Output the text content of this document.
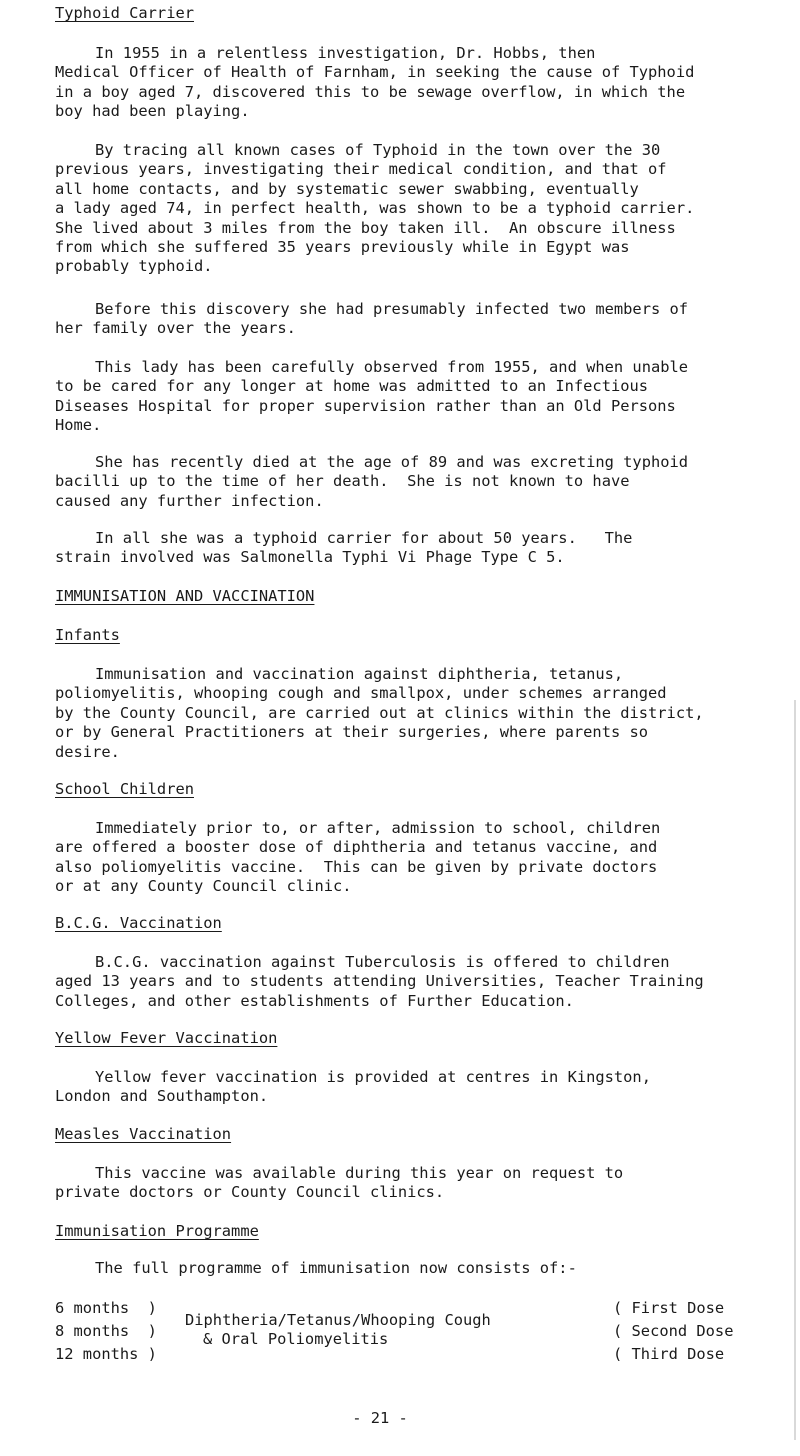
Typhoid Carrier
In 1955 in a relentless investigation, Dr. Hobbs, then
Medical Officer of Health of Farnham, in seeking the cause of Typhoid
in a boy aged 7, discovered this to be sewage overflow, in which the
boy had been playing.
By tracing all known cases of Typhoid in the town over the 30
previous years, investigating their medical condition, and that of
all home contacts, and by systematic sewer swabbing, eventually
a lady aged 74, in perfect health, was shown to be a typhoid carrier.
She lived about 3 miles from the boy taken ill.  An obscure illness
from which she suffered 35 years previously while in Egypt was
probably typhoid.
Before this discovery she had presumably infected two members of
her family over the years.
This lady has been carefully observed from 1955, and when unable
to be cared for any longer at home was admitted to an Infectious
Diseases Hospital for proper supervision rather than an Old Persons
Home.
She has recently died at the age of 89 and was excreting typhoid
bacilli up to the time of her death.  She is not known to have
caused any further infection.
In all she was a typhoid carrier for about 50 years.   The
strain involved was Salmonella Typhi Vi Phage Type C 5.
IMMUNISATION AND VACCINATION
Infants
Immunisation and vaccination against diphtheria, tetanus,
poliomyelitis, whooping cough and smallpox, under schemes arranged
by the County Council, are carried out at clinics within the district,
or by General Practitioners at their surgeries, where parents so
desire.
School Children
Immediately prior to, or after, admission to school, children
are offered a booster dose of diphtheria and tetanus vaccine, and
also poliomyelitis vaccine.  This can be given by private doctors
or at any County Council clinic.
B.C.G. Vaccination
B.C.G. vaccination against Tuberculosis is offered to children
aged 13 years and to students attending Universities, Teacher Training
Colleges, and other establishments of Further Education.
Yellow Fever Vaccination
Yellow fever vaccination is provided at centres in Kingston,
London and Southampton.
Measles Vaccination
This vaccine was available during this year on request to
private doctors or County Council clinics.
Immunisation Programme
The full programme of immunisation now consists of:-
6 months  )
8 months  )
12 months )
Diphtheria/Tetanus/Whooping Cough
& Oral Poliomyelitis
( First Dose
( Second Dose
( Third Dose
- 21 -
